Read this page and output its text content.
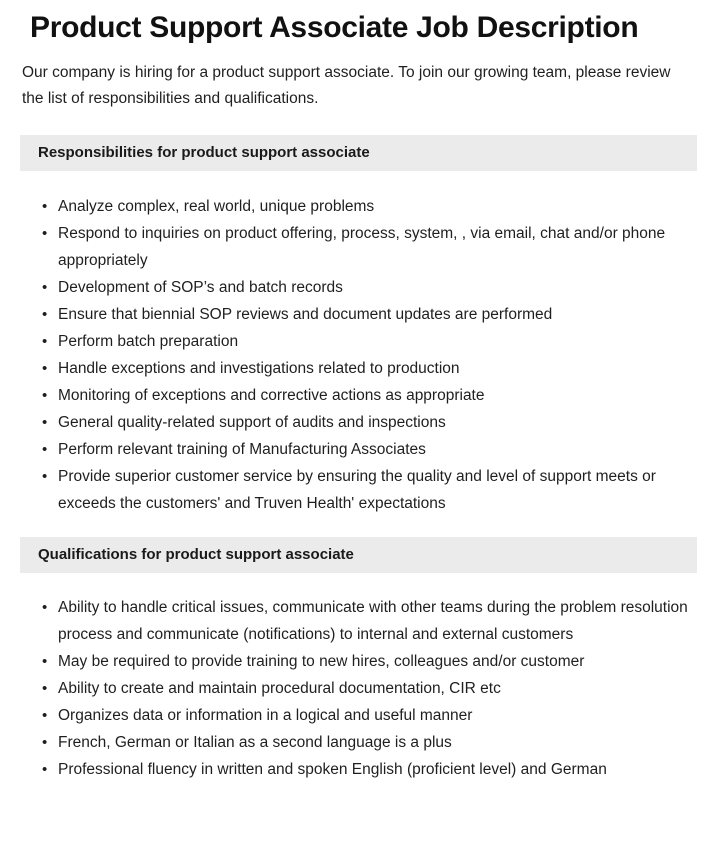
Product Support Associate Job Description

Our company is hiring for a product support associate. To join our growing team, please review the list of responsibilities and qualifications.

Responsibilities for product support associate
• Analyze complex, real world, unique problems
• Respond to inquiries on product offering, process, system, , via email, chat and/or phone appropriately
• Development of SOP’s and batch records
• Ensure that biennial SOP reviews and document updates are performed
• Perform batch preparation
• Handle exceptions and investigations related to production
• Monitoring of exceptions and corrective actions as appropriate
• General quality-related support of audits and inspections
• Perform relevant training of Manufacturing Associates
• Provide superior customer service by ensuring the quality and level of support meets or exceeds the customers' and Truven Health' expectations
Qualifications for product support associate
• Ability to handle critical issues, communicate with other teams during the problem resolution process and communicate (notifications) to internal and external customers
• May be required to provide training to new hires, colleagues and/or customer
• Ability to create and maintain procedural documentation, CIR etc
• Organizes data or information in a logical and useful manner
• French, German or Italian as a second language is a plus
• Professional fluency in written and spoken English (proficient level) and German
